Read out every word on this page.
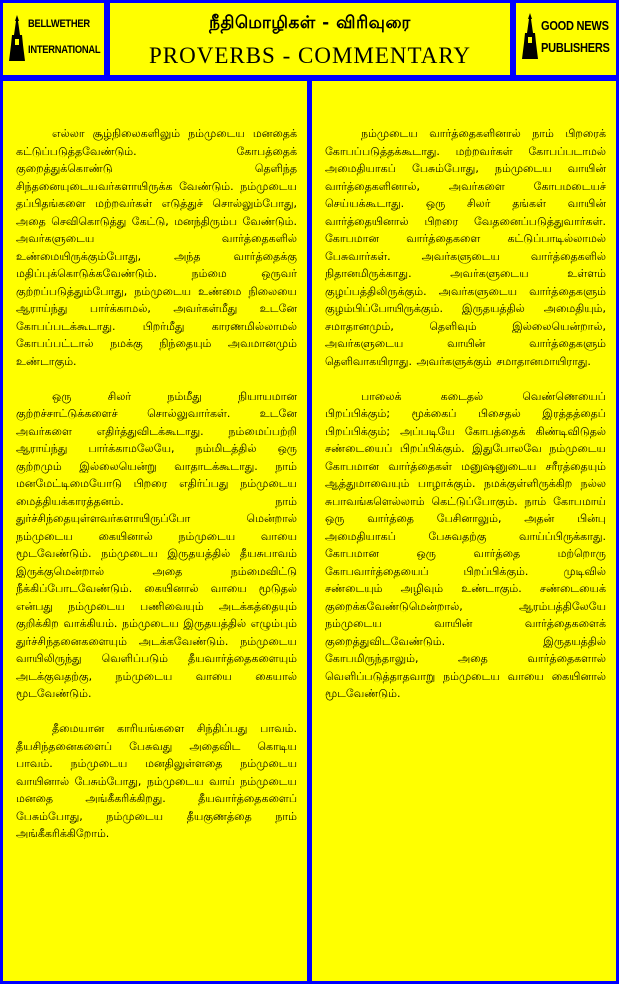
BELLWETHER
INTERNATIONAL
நீதிமொழிகள் - விரிவுரை
PROVERBS - COMMENTARY
GOOD NEWS
PUBLISHERS

எல்லா சூழ்நிலைகளிலும் நம்முடைய மனதைக் கட்டுப்படுத்தவேண்டும். கோபத்தைக் குறைத்துக்கொண்டு தெளிந்த சிந்தனையுடையவர்களாயிருக்க வேண்டும். நம்முடைய தப்பிதங்களை மற்றவர்கள் எடுத்துச் சொல்லும்போது, அதை செவிகொடுத்து கேட்டு, மனந்திரும்ப வேண்டும். அவர்களுடைய வார்த்தைகளில் உண்மையிருக்கும்போது, அந்த வார்த்தைக்கு மதிப்புக்கொடுக்கவேண்டும். நம்மை ஒருவர் குற்றப்படுத்தும்போது, நம்முடைய உண்மை நிலையை ஆராய்ந்து பார்க்காமல், அவர்கள்மீது உடனே கோபப்படக்கூடாது. பிறர்மீது காரணமில்லாமல் கோபப்பட்டால் நமக்கு நிந்தையும் அவமானமும் உண்டாகும்.

ஒரு சிலர் நம்மீது நியாயமான குற்றச்சாட்டுக்களைச் சொல்லுவார்கள். உடனே அவர்களை எதிர்த்துவிடக்கூடாது. நம்மைப்பற்றி ஆராய்ந்து பார்க்காமலேயே, நம்மிடத்தில் ஒரு குற்றமும் இல்லையென்று வாதாடக்கூடாது. நாம் மனமேட்டிமையோடு பிறரை எதிர்ப்பது நம்முடைய மைத்தியக்காரத்தனம். நாம் துர்ச்சிந்தையுள்ளவர்களாயிருப்போ மென்றால் நம்முடைய கையினால் நம்முடைய வாயை மூடவேண்டும். நம்முடைய இருதயத்தில் தீயசுபாவம் இருக்குமென்றால் அதை நம்மைவிட்டு நீக்கிப்போடவேண்டும். கையினால் வாயை மூடுதல் என்பது நம்முடைய பணிவையும் அடக்கத்தையும் குறிக்கிற வாக்கியம். நம்முடைய இருதயத்தில் எழும்பும் துர்ச்சிந்தனைகளையும் அடக்கவேண்டும். நம்முடைய வாயிலிருந்து வெளிப்படும் தீயவார்த்தைகளையும் அடக்குவதற்கு, நம்முடைய வாயை கையால் மூடவேண்டும்.

தீமையான காரியங்களை சிந்திப்பது பாவம். தீயசிந்தனைகளைப் பேசுவது அதைவிட கொடிய பாவம். நம்முடைய மனதிலுள்ளதை நம்முடைய வாயினால் பேசும்போது, நம்முடைய வாய் நம்முடைய மனதை அங்கீகரிக்கிறது. தீயவார்த்தைகளைப் பேசும்போது, நம்முடைய தீயகுணத்தை நாம் அங்கீகரிக்கிறோம்.

நம்முடைய வார்த்தைகளினால் நாம் பிறரைக் கோபப்படுத்தக்கூடாது. மற்றவர்கள் கோபப்படாமல் அமைதியாகப் பேசும்போது, நம்முடைய வாயின் வார்த்தைகளினால், அவர்களை கோபமடையச் செய்யக்கூடாது. ஒரு சிலர் தங்கள் வாயின் வார்த்தையினால் பிறரை வேதனைப்படுத்துவார்கள். கோபமான வார்த்தைகளை கட்டுப்பாடில்லாமல் பேசுவார்கள். அவர்களுடைய வார்த்தைகளில் நிதானமிருக்காது. அவர்களுடைய உள்ளம் குழப்பத்திலிருக்கும். அவர்களுடைய வார்த்தைகளும் குழம்பிப்போயிருக்கும். இருதயத்தில் அமைதியும், சமாதானமும், தெளிவும் இல்லையென்றால், அவர்களுடைய வாயின் வார்த்தைகளும் தெளிவாகயிராது. அவர்களுக்கும் சமாதானமாயிராது.

பாலைக் கடைதல் வெண்ணெயைப் பிறப்பிக்கும்; மூக்கைப் பிசைதல் இரத்தத்தைப் பிறப்பிக்கும்; அப்படியே கோபத்தைக் கிண்டிவிடுதல் சண்டையைப் பிறப்பிக்கும். இதுபோலவே நம்முடைய கோபமான வார்த்தைகள் மனுஷனுடைய சரீரத்தையும் ஆத்துமாவையும் பாழாக்கும். நமக்குள்ளிருக்கிற நல்ல சுபாவங்களெல்லாம் கெட்டுப்போகும். நாம் கோபமாய் ஒரு வார்த்தை பேசினாலும், அதன் பின்பு அமைதியாகப் பேசுவதற்கு வாய்ப்பிருக்காது. கோபமான ஒரு வார்த்தை மற்றொரு கோபவார்த்தையைப் பிறப்பிக்கும். முடிவில் சண்டையும் அழிவும் உண்டாகும். சண்டையைக் குறைக்கவேண்டுமென்றால், ஆரம்பத்திலேயே நம்முடைய வாயின் வார்த்தைகளைக் குறைத்துவிடவேண்டும். இருதயத்தில் கோபமிருந்தாலும், அதை வார்த்தைகளால் வெளிப்படுத்தாதவாறு நம்முடைய வாயை கையினால் மூடவேண்டும்.
